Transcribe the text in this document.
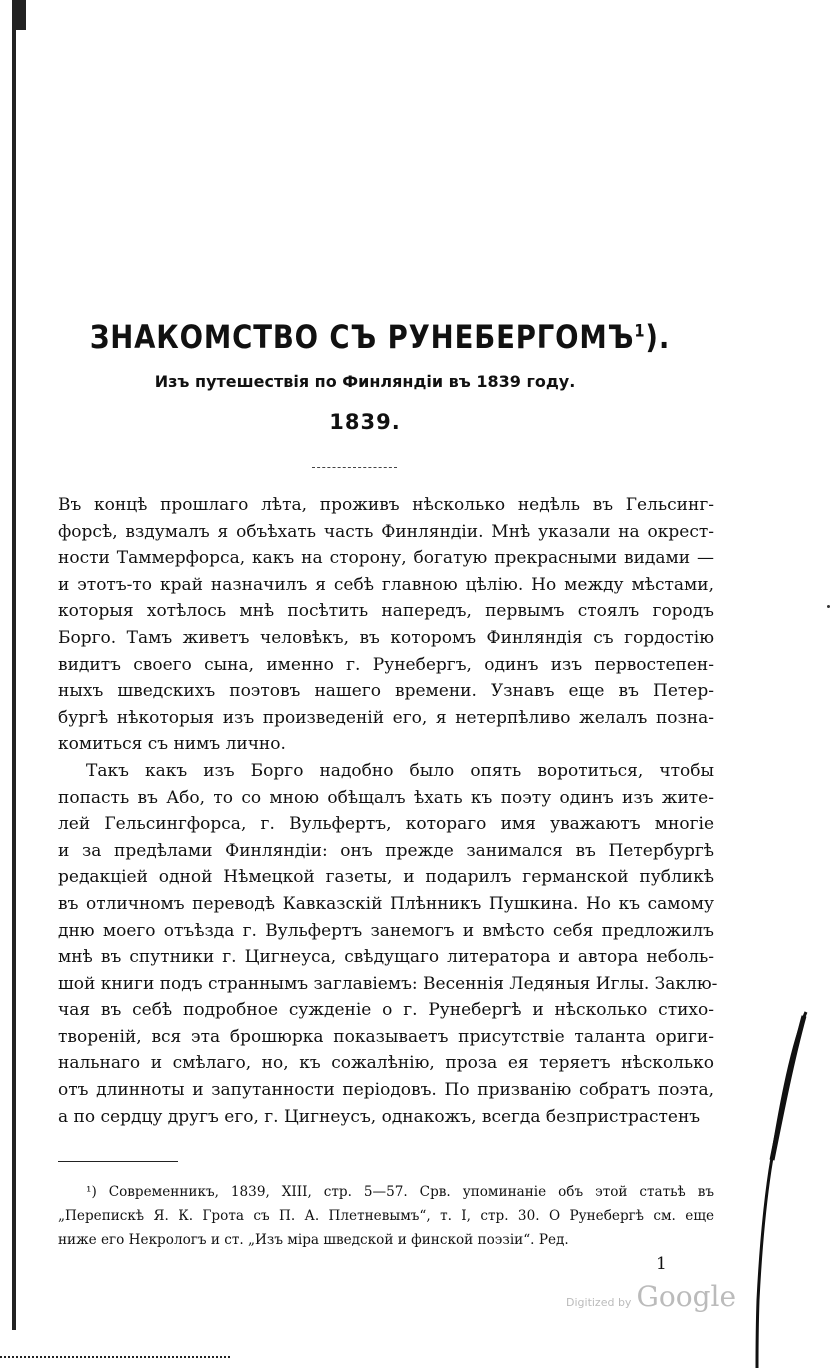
ЗНАКОМСТВО СЪ РУНЕБЕРГОМЪ$^1$).
Изъ путешествія по Финляндіи въ 1839 году.
1839.
Въ концѣ прошлаго лѣта, проживъ нѣсколько недѣль въ Гельсинг-
форсѣ, вздумалъ я объѣхать часть Финляндіи. Мнѣ указали на окрест-
ности Таммерфорса, какъ на сторону, богатую прекрасными видами —
и этотъ-то край назначилъ я себѣ главною цѣлію. Но между мѣстами,
которыя хотѣлось мнѣ посѣтить напередъ, первымъ стоялъ городъ
Борго. Тамъ живетъ человѣкъ, въ которомъ Финляндія съ гордостію
видитъ своего сына, именно г. Рунебергъ, одинъ изъ первостепен-
ныхъ шведскихъ поэтовъ нашего времени. Узнавъ еще въ Петер-
бургѣ нѣкоторыя изъ произведеній его, я нетерпѣливо желалъ позна-
комиться съ нимъ лично.
Такъ какъ изъ Борго надобно было опять воротиться, чтобы
попасть въ Або, то со мною обѣщалъ ѣхать къ поэту одинъ изъ жите-
лей Гельсингфорса, г. Вульфертъ, котораго имя уважаютъ многіе
и за предѣлами Финляндіи: онъ прежде занимался въ Петербургѣ
редакціей одной Нѣмецкой газеты, и подарилъ германской публикѣ
въ отличномъ переводѣ Кавказскій Плѣнникъ Пушкина. Но къ самому
дню моего отъѣзда г. Вульфертъ занемогъ и вмѣсто себя предложилъ
мнѣ въ спутники г. Цигнеуса, свѣдущаго литератора и автора неболь-
шой книги подъ страннымъ заглавіемъ: Весеннія Ледяныя Иглы. Заклю-
чая въ себѣ подробное сужденіе о г. Рунебергѣ и нѣсколько стихо-
твореній, вся эта брошюрка показываетъ присутствіе таланта ориги-
нальнаго и смѣлаго, но, къ сожалѣнію, проза ея теряетъ нѣсколько
отъ длинноты и запутанности періодовъ. По призванію собратъ поэта,
а по сердцу другъ его, г. Цигнеусъ, однакожъ, всегда безпристрастенъ
¹) Современникъ, 1839, XIII, стр. 5—57. Срв. упоминаніе объ этой статьѣ въ
„Перепискѣ Я. К. Грота съ П. А. Плетневымъ“, т. I, стр. 30. О Рунебергѣ см. еще
ниже его Некрологъ и ст. „Изъ міра шведской и финской поэзіи“. Ред.
1
Digitized by Google
